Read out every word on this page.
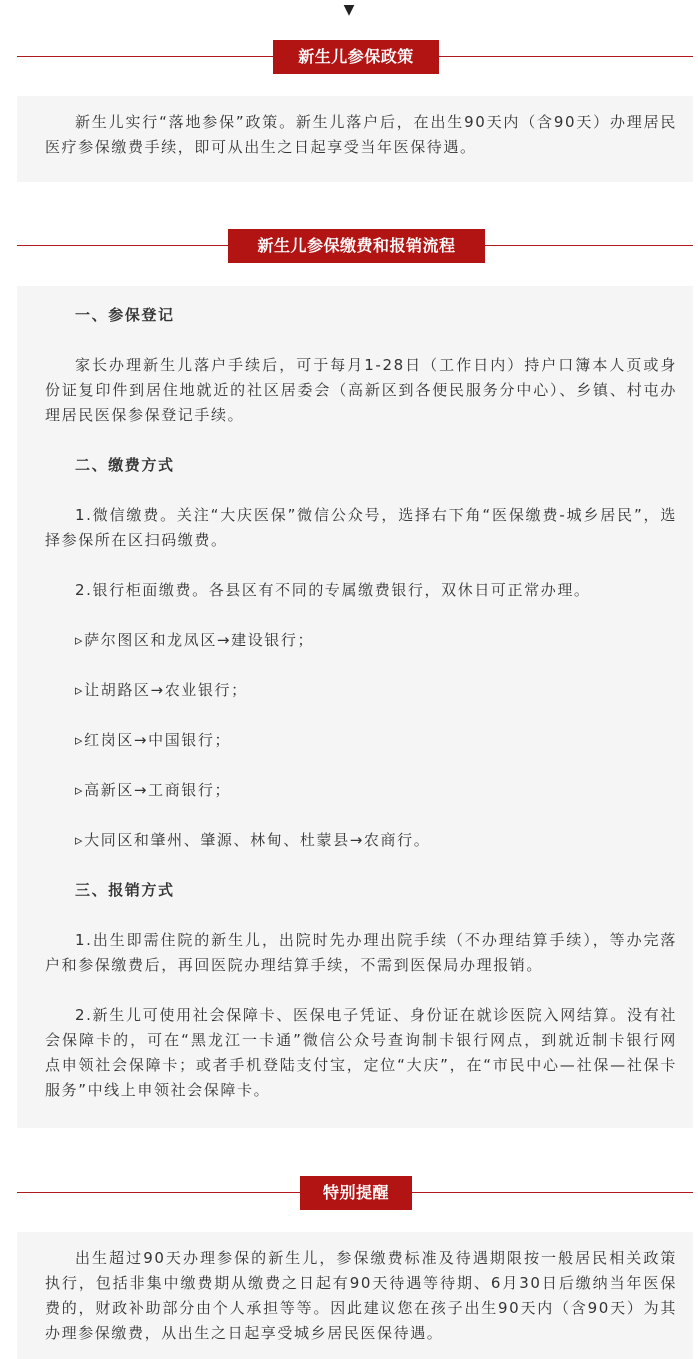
▼
新生儿参保政策

新生儿实行“落地参保”政策。新生儿落户后，在出生90天内（含90天）办理居民医疗参保缴费手续，即可从出生之日起享受当年医保待遇。

新生儿参保缴费和报销流程

一、参保登记

家长办理新生儿落户手续后，可于每月1-28日（工作日内）持户口簿本人页或身份证复印件到居住地就近的社区居委会（高新区到各便民服务分中心）、乡镇、村屯办理居民医保参保登记手续。

二、缴费方式

1.微信缴费。关注“大庆医保”微信公众号，选择右下角“医保缴费-城乡居民”，选择参保所在区扫码缴费。

2.银行柜面缴费。各县区有不同的专属缴费银行，双休日可正常办理。

▹萨尔图区和龙凤区→建设银行；

▹让胡路区→农业银行；

▹红岗区→中国银行；

▹高新区→工商银行；

▹大同区和肇州、肇源、林甸、杜蒙县→农商行。

三、报销方式

1.出生即需住院的新生儿，出院时先办理出院手续（不办理结算手续），等办完落户和参保缴费后，再回医院办理结算手续，不需到医保局办理报销。

2.新生儿可使用社会保障卡、医保电子凭证、身份证在就诊医院入网结算。没有社会保障卡的，可在“黑龙江一卡通”微信公众号查询制卡银行网点，到就近制卡银行网点申领社会保障卡；或者手机登陆支付宝，定位“大庆”，在“市民中心—社保—社保卡服务”中线上申领社会保障卡。

特别提醒

出生超过90天办理参保的新生儿，参保缴费标准及待遇期限按一般居民相关政策执行，包括非集中缴费期从缴费之日起有90天待遇等待期、6月30日后缴纳当年医保费的，财政补助部分由个人承担等等。因此建议您在孩子出生90天内（含90天）为其办理参保缴费，从出生之日起享受城乡居民医保待遇。
